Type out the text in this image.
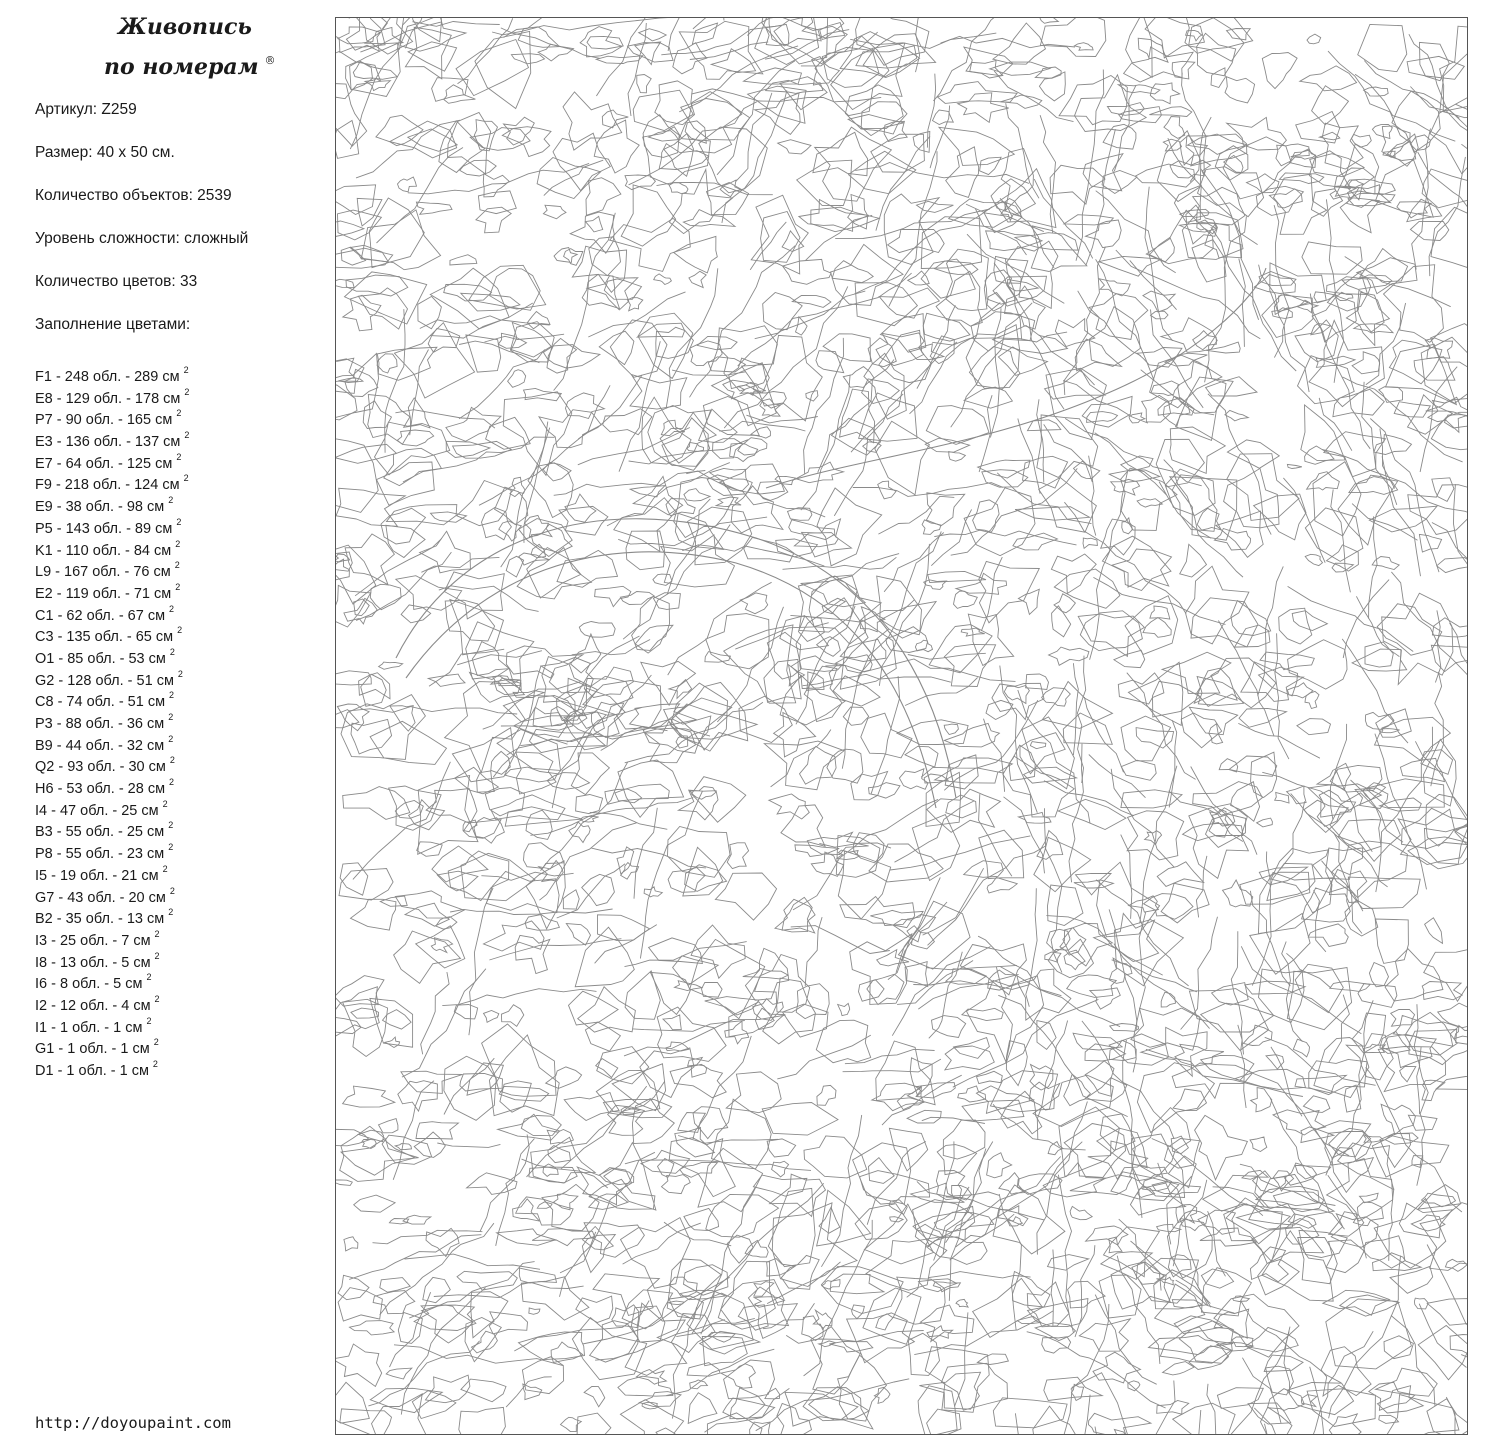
Живопись
по номерам ®
Артикул: Z259
Размер: 40 х 50 см.
Количество объектов: 2539
Уровень сложности: сложный
Количество цветов: 33
Заполнение цветами:
F1 - 248 обл. - 289 см $^2$
E8 - 129 обл. - 178 см $^2$
P7 - 90 обл. - 165 см $^2$
E3 - 136 обл. - 137 см $^2$
E7 - 64 обл. - 125 см $^2$
F9 - 218 обл. - 124 см $^2$
E9 - 38 обл. - 98 см $^2$
P5 - 143 обл. - 89 см $^2$
K1 - 110 обл. - 84 см $^2$
L9 - 167 обл. - 76 см $^2$
E2 - 119 обл. - 71 см $^2$
C1 - 62 обл. - 67 см $^2$
C3 - 135 обл. - 65 см $^2$
O1 - 85 обл. - 53 см $^2$
G2 - 128 обл. - 51 см $^2$
C8 - 74 обл. - 51 см $^2$
P3 - 88 обл. - 36 см $^2$
B9 - 44 обл. - 32 см $^2$
Q2 - 93 обл. - 30 см $^2$
H6 - 53 обл. - 28 см $^2$
I4 - 47 обл. - 25 см $^2$
B3 - 55 обл. - 25 см $^2$
P8 - 55 обл. - 23 см $^2$
I5 - 19 обл. - 21 см $^2$
G7 - 43 обл. - 20 см $^2$
B2 - 35 обл. - 13 см $^2$
I3 - 25 обл. - 7 см $^2$
I8 - 13 обл. - 5 см $^2$
I6 - 8 обл. - 5 см $^2$
I2 - 12 обл. - 4 см $^2$
I1 - 1 обл. - 1 см $^2$
G1 - 1 обл. - 1 см $^2$
D1 - 1 обл. - 1 см $^2$
http://doyoupaint.com
